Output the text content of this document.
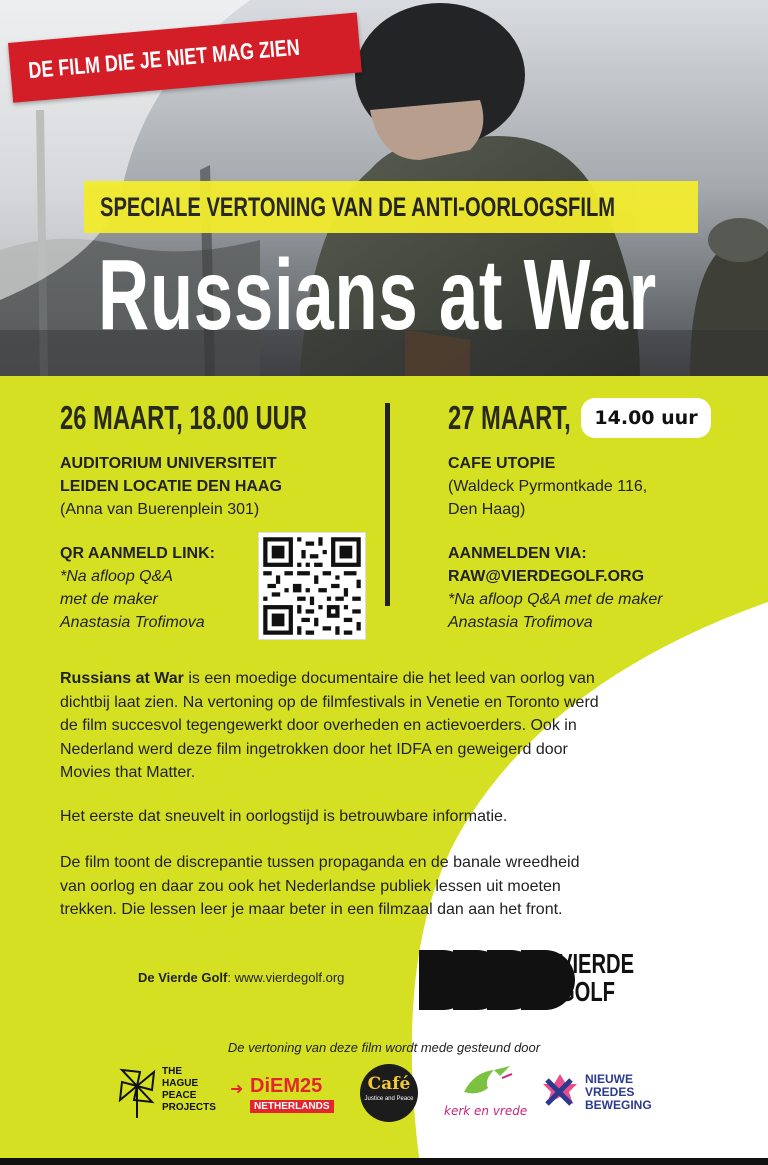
DE FILM DIE JE NIET MAG ZIEN
SPECIALE VERTONING VAN DE ANTI-OORLOGSFILM
Russians at War
26 MAART, 18.00 UUR
AUDITORIUM UNIVERSITEIT
LEIDEN LOCATIE DEN HAAG
(Anna van Buerenplein 301)
QR AANMELD LINK:
*Na afloop Q&A
met de maker
Anastasia Trofimova
27 MAART,	14.00 uur
CAFE UTOPIE
(Waldeck Pyrmontkade 116,
Den Haag)
AANMELDEN VIA:
RAW@VIERDEGOLF.ORG
*Na afloop Q&A met de maker
Anastasia Trofimova
Russians at War is een moedige documentaire die het leed van oorlog van
dichtbij laat zien. Na vertoning op de filmfestivals in Venetie en Toronto werd
de film succesvol tegengewerkt door overheden en actievoerders. Ook in
Nederland werd deze film ingetrokken door het IDFA en geweigerd door
Movies that Matter.
Het eerste dat sneuvelt in oorlogstijd is betrouwbare informatie.
De film toont de discrepantie tussen propaganda en de banale wreedheid
van oorlog en daar zou ook het Nederlandse publiek lessen uit moeten
trekken. Die lessen leer je maar beter in een filmzaal dan aan het front.
De Vierde Golf: www.vierdegolf.org	VIERDE
GOLF
De vertoning van deze film wordt mede gesteund door
THE
HAGUE
PEACE
PROJECTS
➜ DiEM25
NETHERLANDS
Café
Justice and Peace
kerk en vrede
NIEUWE
VREDES
BEWEGING
